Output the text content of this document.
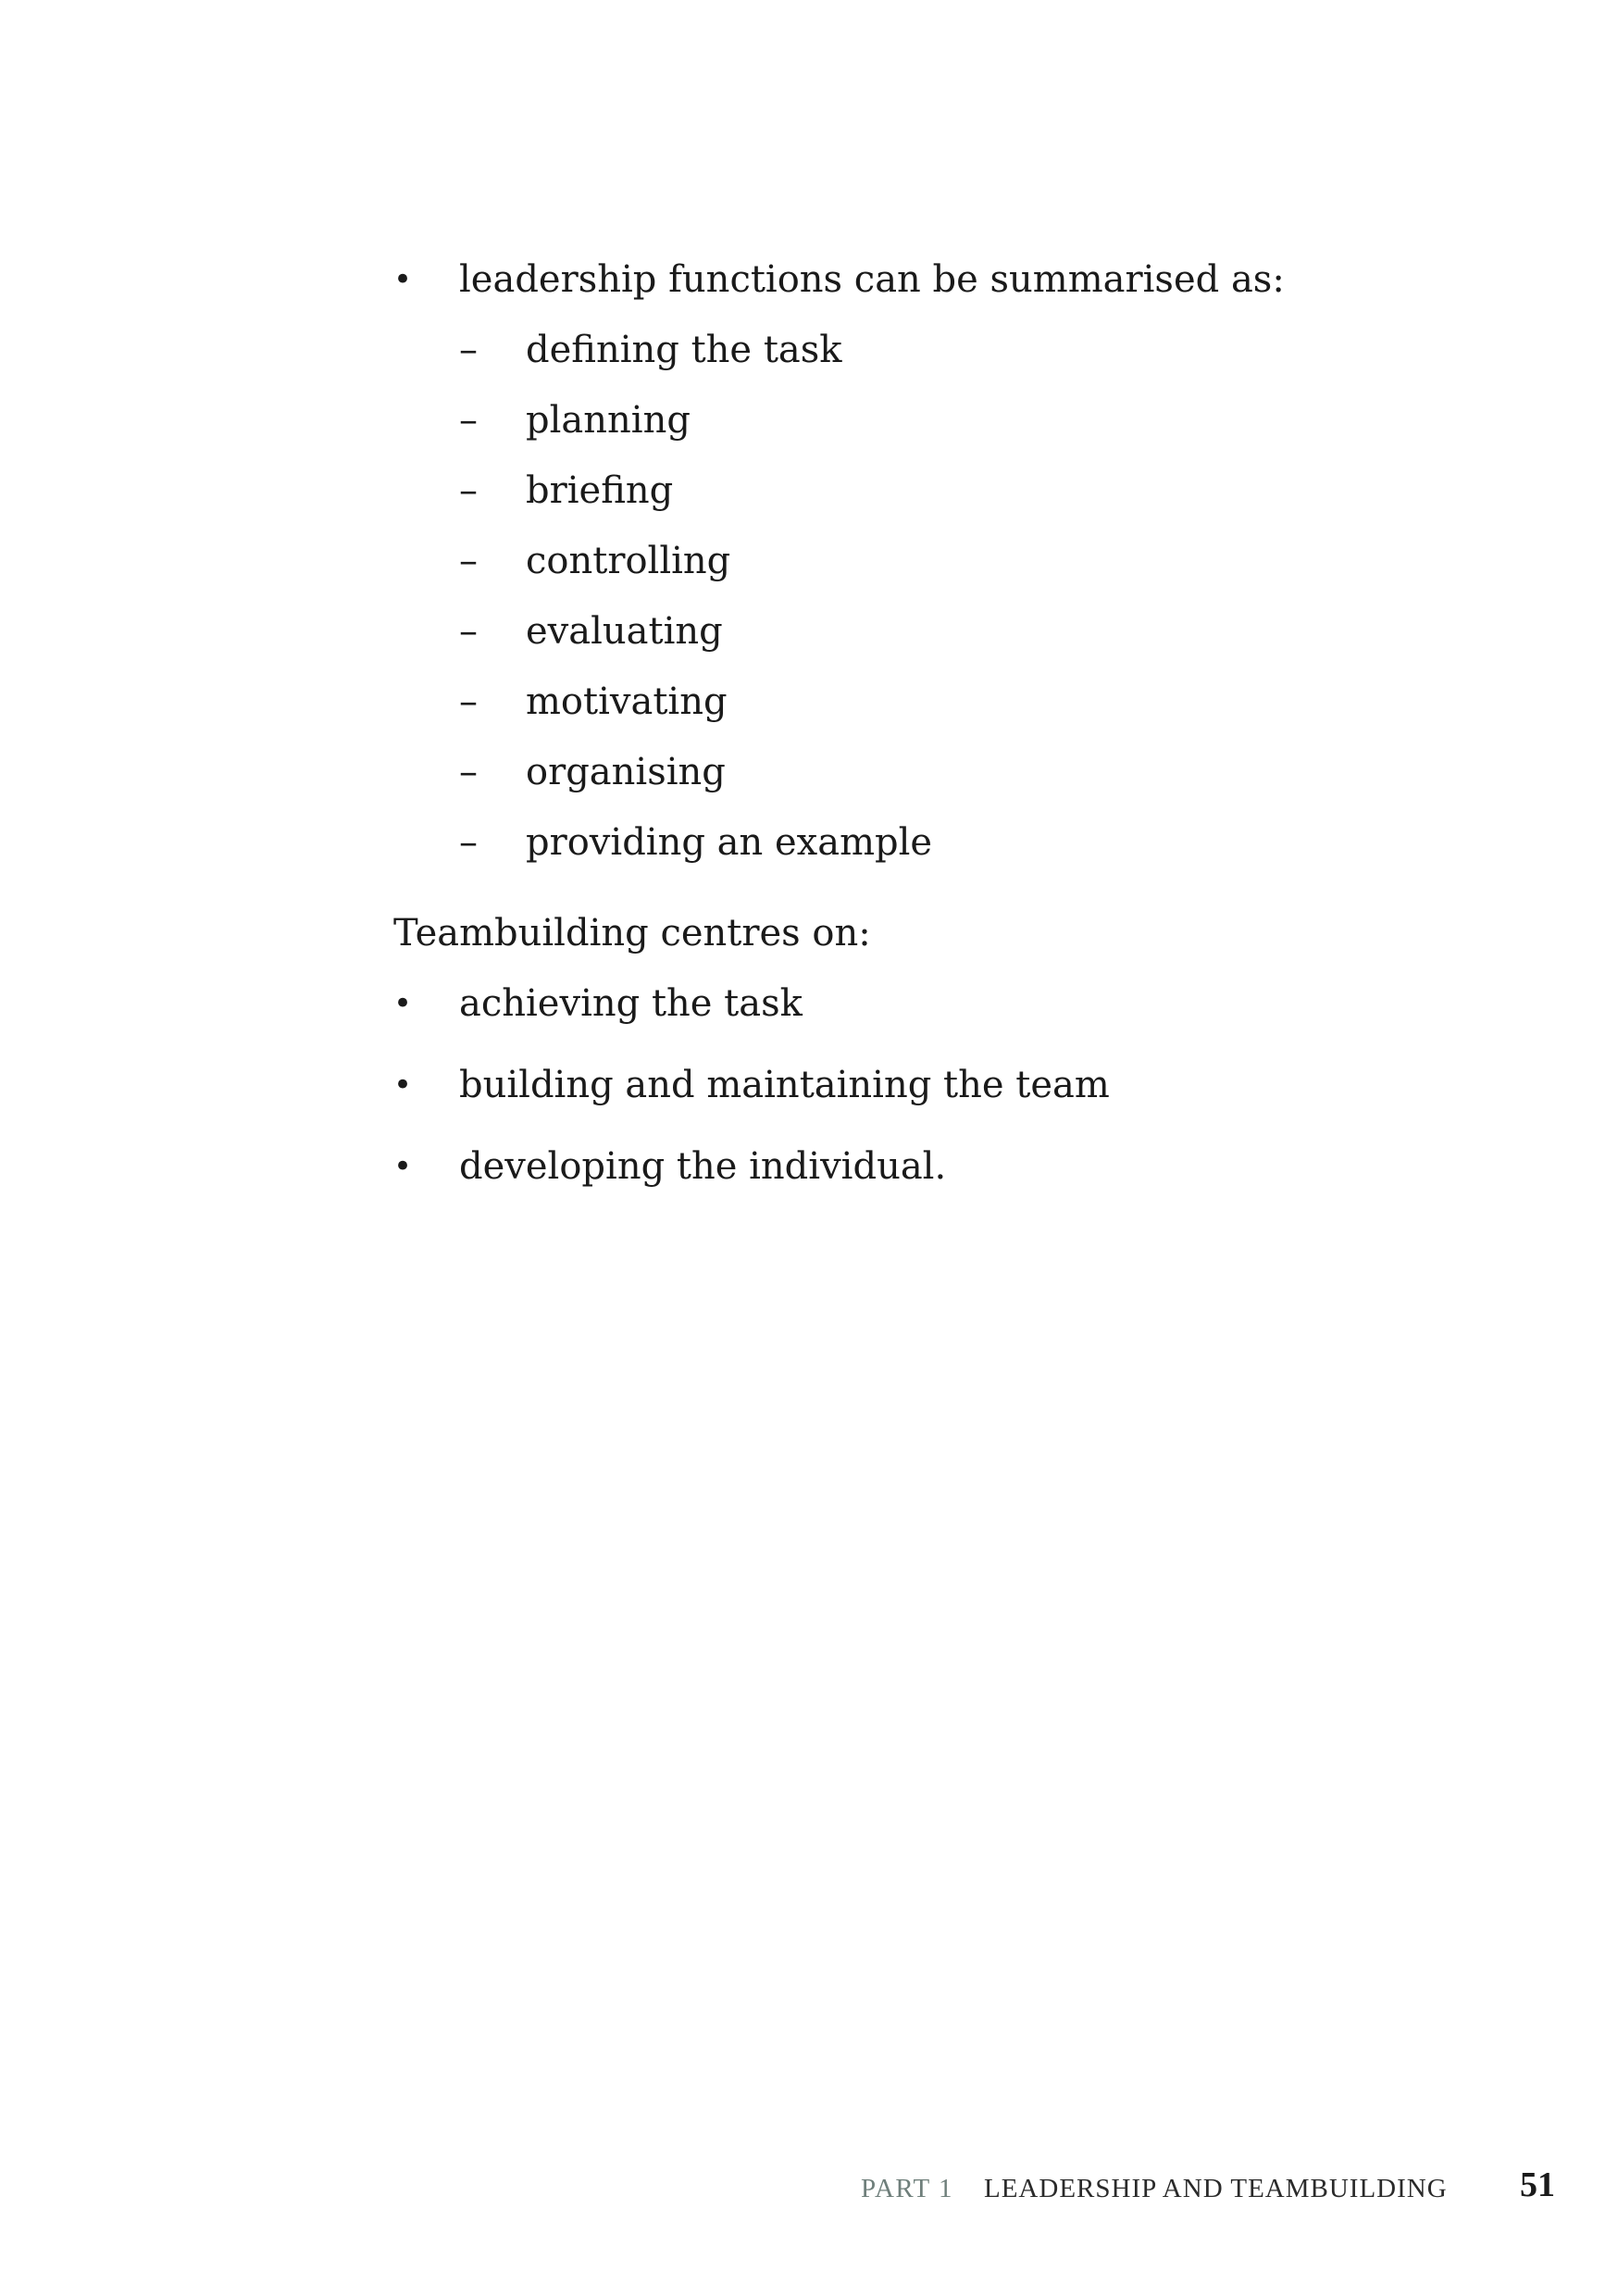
• leadership functions can be summarised as:
– defining the task
– planning
– briefing
– controlling
– evaluating
– motivating
– organising
– providing an example
Teambuilding centres on:
• achieving the task
• building and maintaining the team
• developing the individual.
PART 1 LEADERSHIP AND TEAMBUILDING 51
